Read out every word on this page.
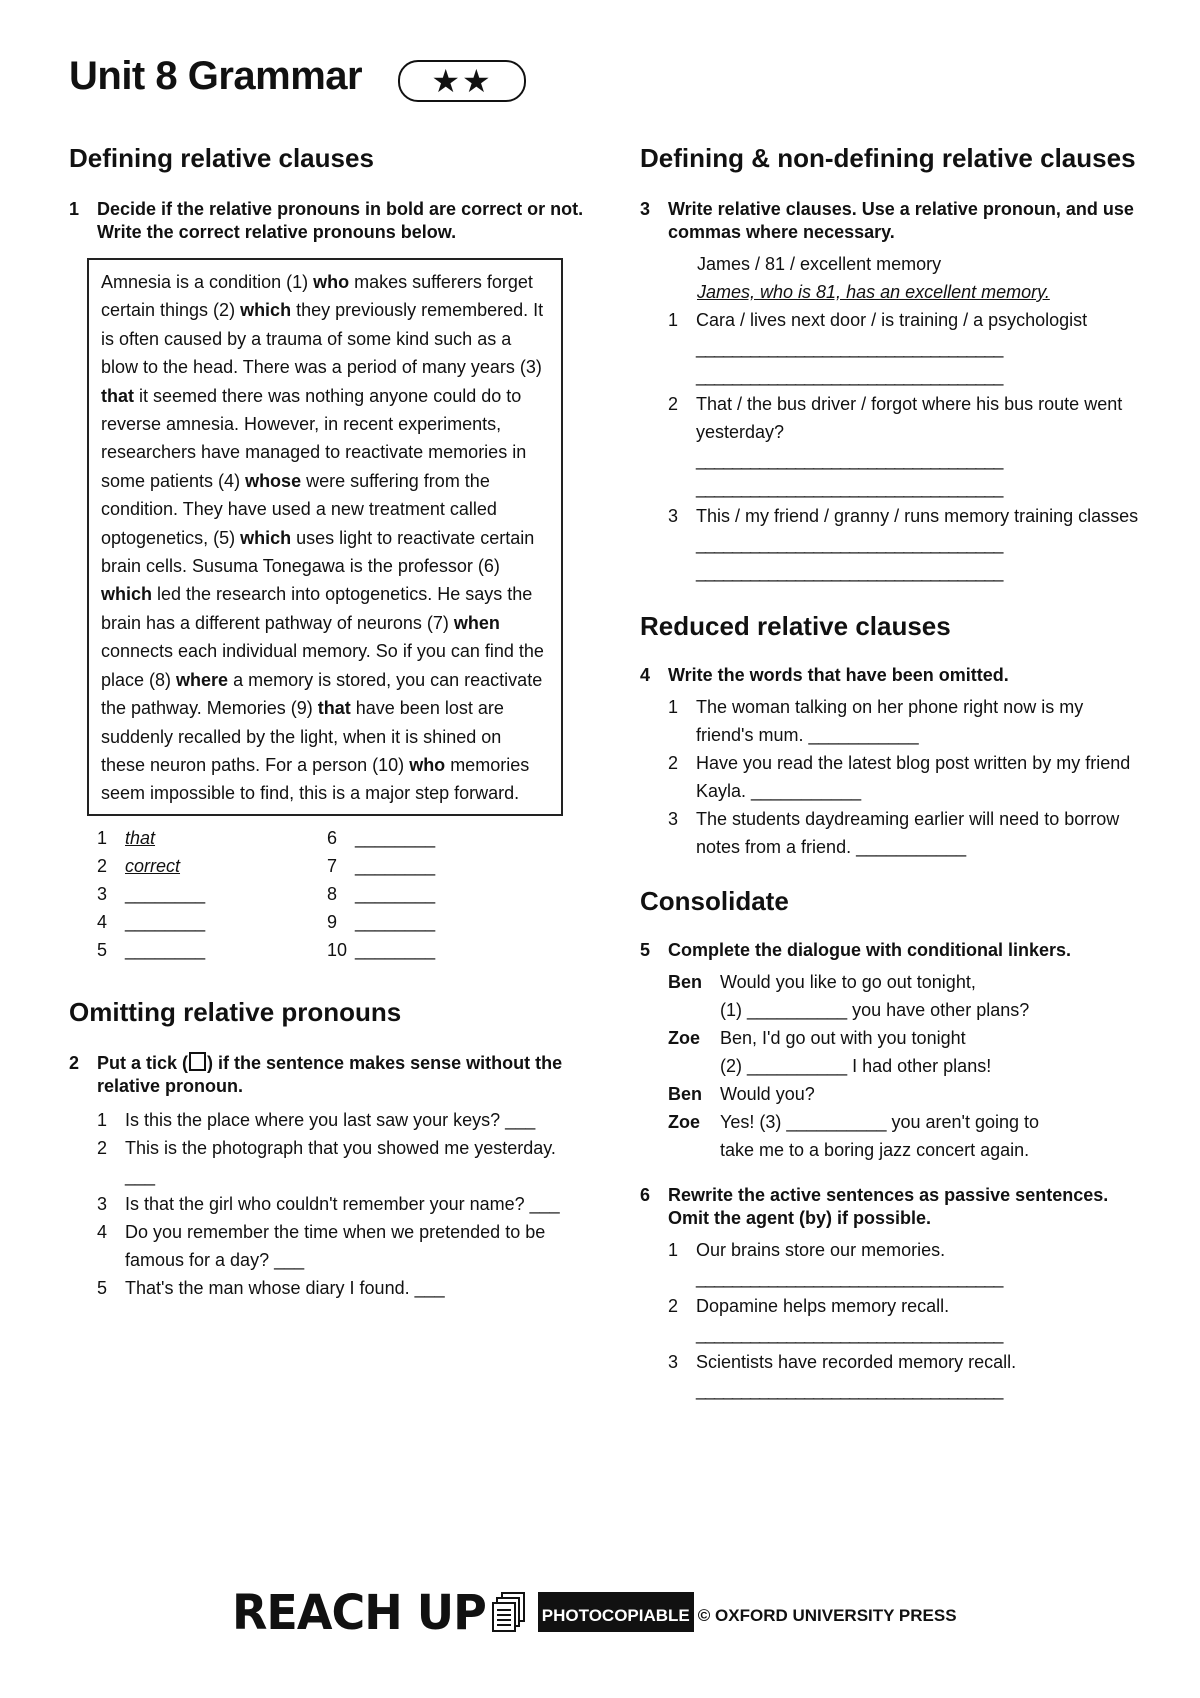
Unit 8 Grammar	★★
Defining relative clauses
1 Decide if the relative pronouns in bold are correct or not. Write the correct relative pronouns below.
Amnesia is a condition (1) who makes sufferers forget certain things (2) which they previously remembered. It is often caused by a trauma of some kind such as a blow to the head. There was a period of many years (3) that it seemed there was nothing anyone could do to reverse amnesia. However, in recent experiments, researchers have managed to reactivate memories in some patients (4) whose were suffering from the condition. They have used a new treatment called optogenetics, (5) which uses light to reactivate certain brain cells. Susuma Tonegawa is the professor (6) which led the research into optogenetics. He says the brain has a different pathway of neurons (7) when connects each individual memory. So if you can find the place (8) where a memory is stored, you can reactivate the pathway. Memories (9) that have been lost are suddenly recalled by the light, when it is shined on these neuron paths. For a person (10) who memories seem impossible to find, this is a major step forward.
1 that
2 correct
3 ________
4 ________
5 ________
6 ________
7 ________
8 ________
9 ________
10 ________
Omitting relative pronouns
2 Put a tick ( ) if the sentence makes sense without the relative pronoun.
1 Is this the place where you last saw your keys? ___
2 This is the photograph that you showed me yesterday. ___
3 Is that the girl who couldn't remember your name? ___
4 Do you remember the time when we pretended to be famous for a day? ___
5 That's the man whose diary I found. ___
Defining & non-defining relative clauses
3 Write relative clauses. Use a relative pronoun, and use commas where necessary.
James / 81 / excellent memory
James, who is 81, has an excellent memory.
1 Cara / lives next door / is training / a psychologist
__________________________________
__________________________________
2 That / the bus driver / forgot where his bus route went yesterday?
__________________________________
__________________________________
3 This / my friend / granny / runs memory training classes
__________________________________
__________________________________
Reduced relative clauses
4 Write the words that have been omitted.
1 The woman talking on her phone right now is my friend's mum. ___________
2 Have you read the latest blog post written by my friend Kayla. ___________
3 The students daydreaming earlier will need to borrow notes from a friend. ___________
Consolidate
5 Complete the dialogue with conditional linkers.
Ben Would you like to go out tonight,
(1) __________ you have other plans?
Zoe	Ben, I'd go out with you tonight
(2) __________ I had other plans!
Ben Would you?
Zoe	Yes! (3) __________ you aren't going to
take me to a boring jazz concert again.
6 Rewrite the active sentences as passive sentences. Omit the agent (by) if possible.
1 Our brains store our memories.
__________________________________
2 Dopamine helps memory recall.
__________________________________
3 Scientists have recorded memory recall.
__________________________________
REACH UP	PHOTOCOPIABLE © OXFORD UNIVERSITY PRESS
